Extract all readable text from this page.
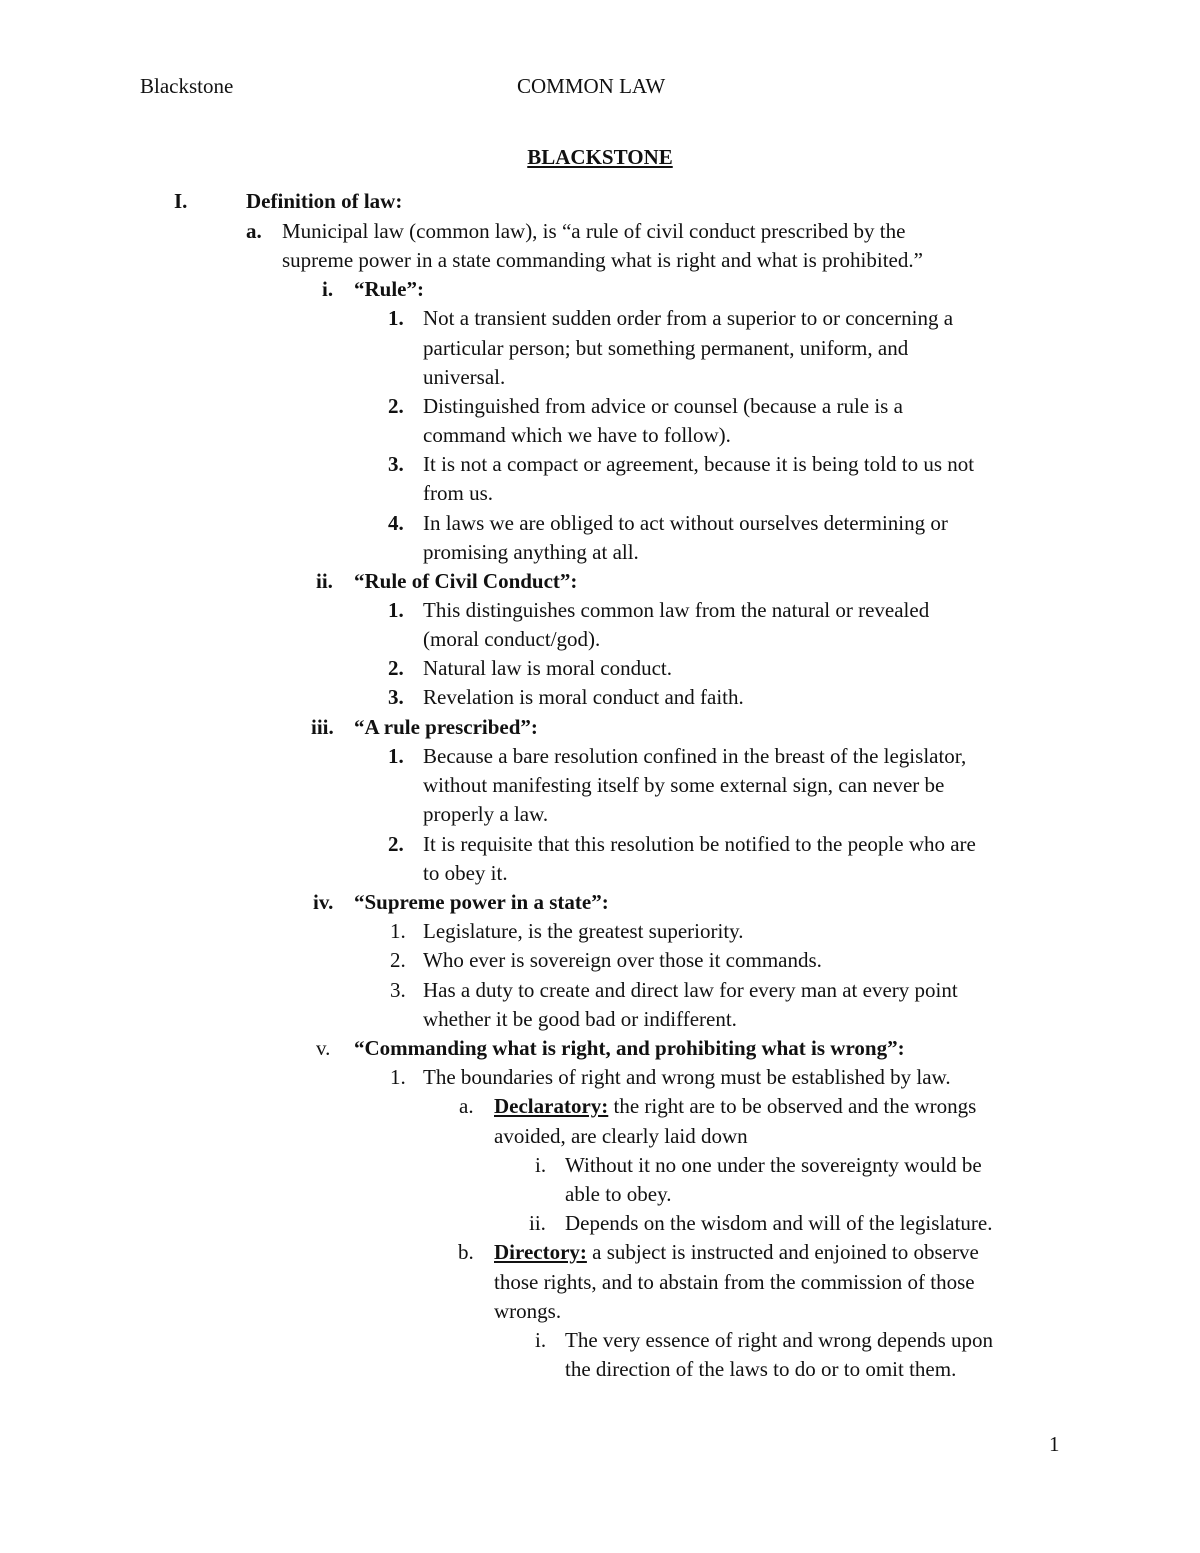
Blackstone	COMMON LAW
BLACKSTONE
I.	Definition of law:
a. Municipal law (common law), is “a rule of civil conduct prescribed by the
supreme power in a state commanding what is right and what is prohibited.”
i. “Rule”:
1. Not a transient sudden order from a superior to or concerning a
particular person; but something permanent, uniform, and
universal.
2. Distinguished from advice or counsel (because a rule is a
command which we have to follow).
3. It is not a compact or agreement, because it is being told to us not
from us.
4. In laws we are obliged to act without ourselves determining or
promising anything at all.
ii. “Rule of Civil Conduct”:
1. This distinguishes common law from the natural or revealed
(moral conduct/god).
2. Natural law is moral conduct.
3. Revelation is moral conduct and faith.
iii. “A rule prescribed”:
1. Because a bare resolution confined in the breast of the legislator,
without manifesting itself by some external sign, can never be
properly a law.
2. It is requisite that this resolution be notified to the people who are
to obey it.
iv. “Supreme power in a state”:
1. Legislature, is the greatest superiority.
2. Who ever is sovereign over those it commands.
3. Has a duty to create and direct law for every man at every point
whether it be good bad or indifferent.
v. “Commanding what is right, and prohibiting what is wrong”:
1. The boundaries of right and wrong must be established by law.
a. Declaratory: the right are to be observed and the wrongs
avoided, are clearly laid down
i. Without it no one under the sovereignty would be
able to obey.
ii. Depends on the wisdom and will of the legislature.
b. Directory: a subject is instructed and enjoined to observe
those rights, and to abstain from the commission of those
wrongs.
i. The very essence of right and wrong depends upon
the direction of the laws to do or to omit them.
1
